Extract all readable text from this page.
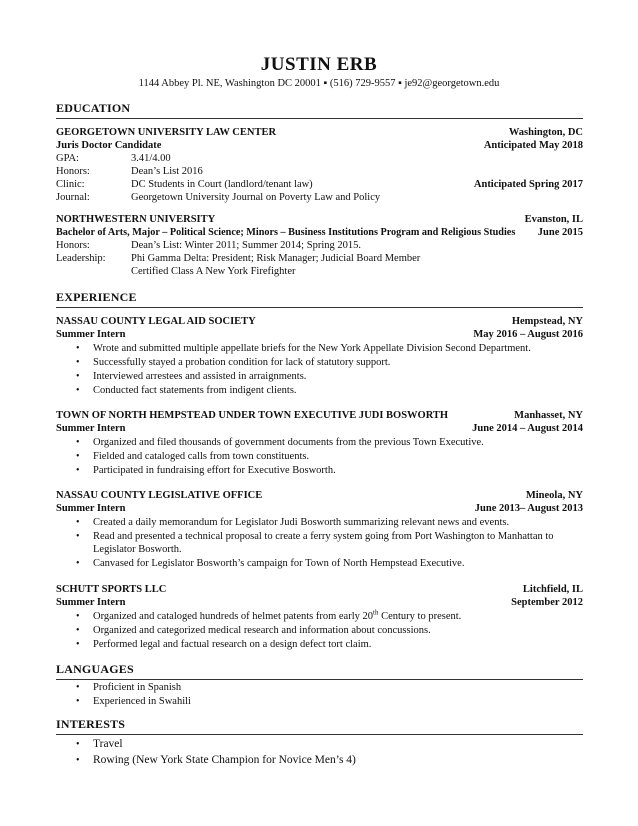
JUSTIN ERB
1144 Abbey Pl. NE, Washington DC 20001 ▪ (516) 729-9557 ▪ je92@georgetown.edu
EDUCATION
GEORGETOWN UNIVERSITY LAW CENTER	Washington, DC
Juris Doctor Candidate	Anticipated May 2018
GPA:	3.41/4.00
Honors:	Dean’s List 2016
Clinic:	DC Students in Court (landlord/tenant law)	Anticipated Spring 2017
Journal:	Georgetown University Journal on Poverty Law and Policy
NORTHWESTERN UNIVERSITY	Evanston, IL
Bachelor of Arts, Major – Political Science; Minors – Business Institutions Program and Religious Studies June 2015
Honors:	Dean’s List: Winter 2011; Summer 2014; Spring 2015.
Leadership: Phi Gamma Delta: President; Risk Manager; Judicial Board Member
Certified Class A New York Firefighter
EXPERIENCE
NASSAU COUNTY LEGAL AID SOCIETY	Hempstead, NY
Summer Intern	May 2016 – August 2016
• Wrote and submitted multiple appellate briefs for the New York Appellate Division Second Department.
• Successfully stayed a probation condition for lack of statutory support.
• Interviewed arrestees and assisted in arraignments.
• Conducted fact statements from indigent clients.
TOWN OF NORTH HEMPSTEAD UNDER TOWN EXECUTIVE JUDI BOSWORTH	Manhasset, NY
Summer Intern	June 2014 – August 2014
• Organized and filed thousands of government documents from the previous Town Executive.
• Fielded and cataloged calls from town constituents.
• Participated in fundraising effort for Executive Bosworth.
NASSAU COUNTY LEGISLATIVE OFFICE	Mineola, NY
Summer Intern	June 2013– August 2013
• Created a daily memorandum for Legislator Judi Bosworth summarizing relevant news and events.
• Read and presented a technical proposal to create a ferry system going from Port Washington to Manhattan to Legislator Bosworth.
• Canvased for Legislator Bosworth’s campaign for Town of North Hempstead Executive.
SCHUTT SPORTS LLC	Litchfield, IL
Summer Intern	September 2012
• Organized and cataloged hundreds of helmet patents from early 20th Century to present.
• Organized and categorized medical research and information about concussions.
• Performed legal and factual research on a design defect tort claim.
LANGUAGES
• Proficient in Spanish
• Experienced in Swahili
INTERESTS
• Travel
• Rowing (New York State Champion for Novice Men’s 4)
